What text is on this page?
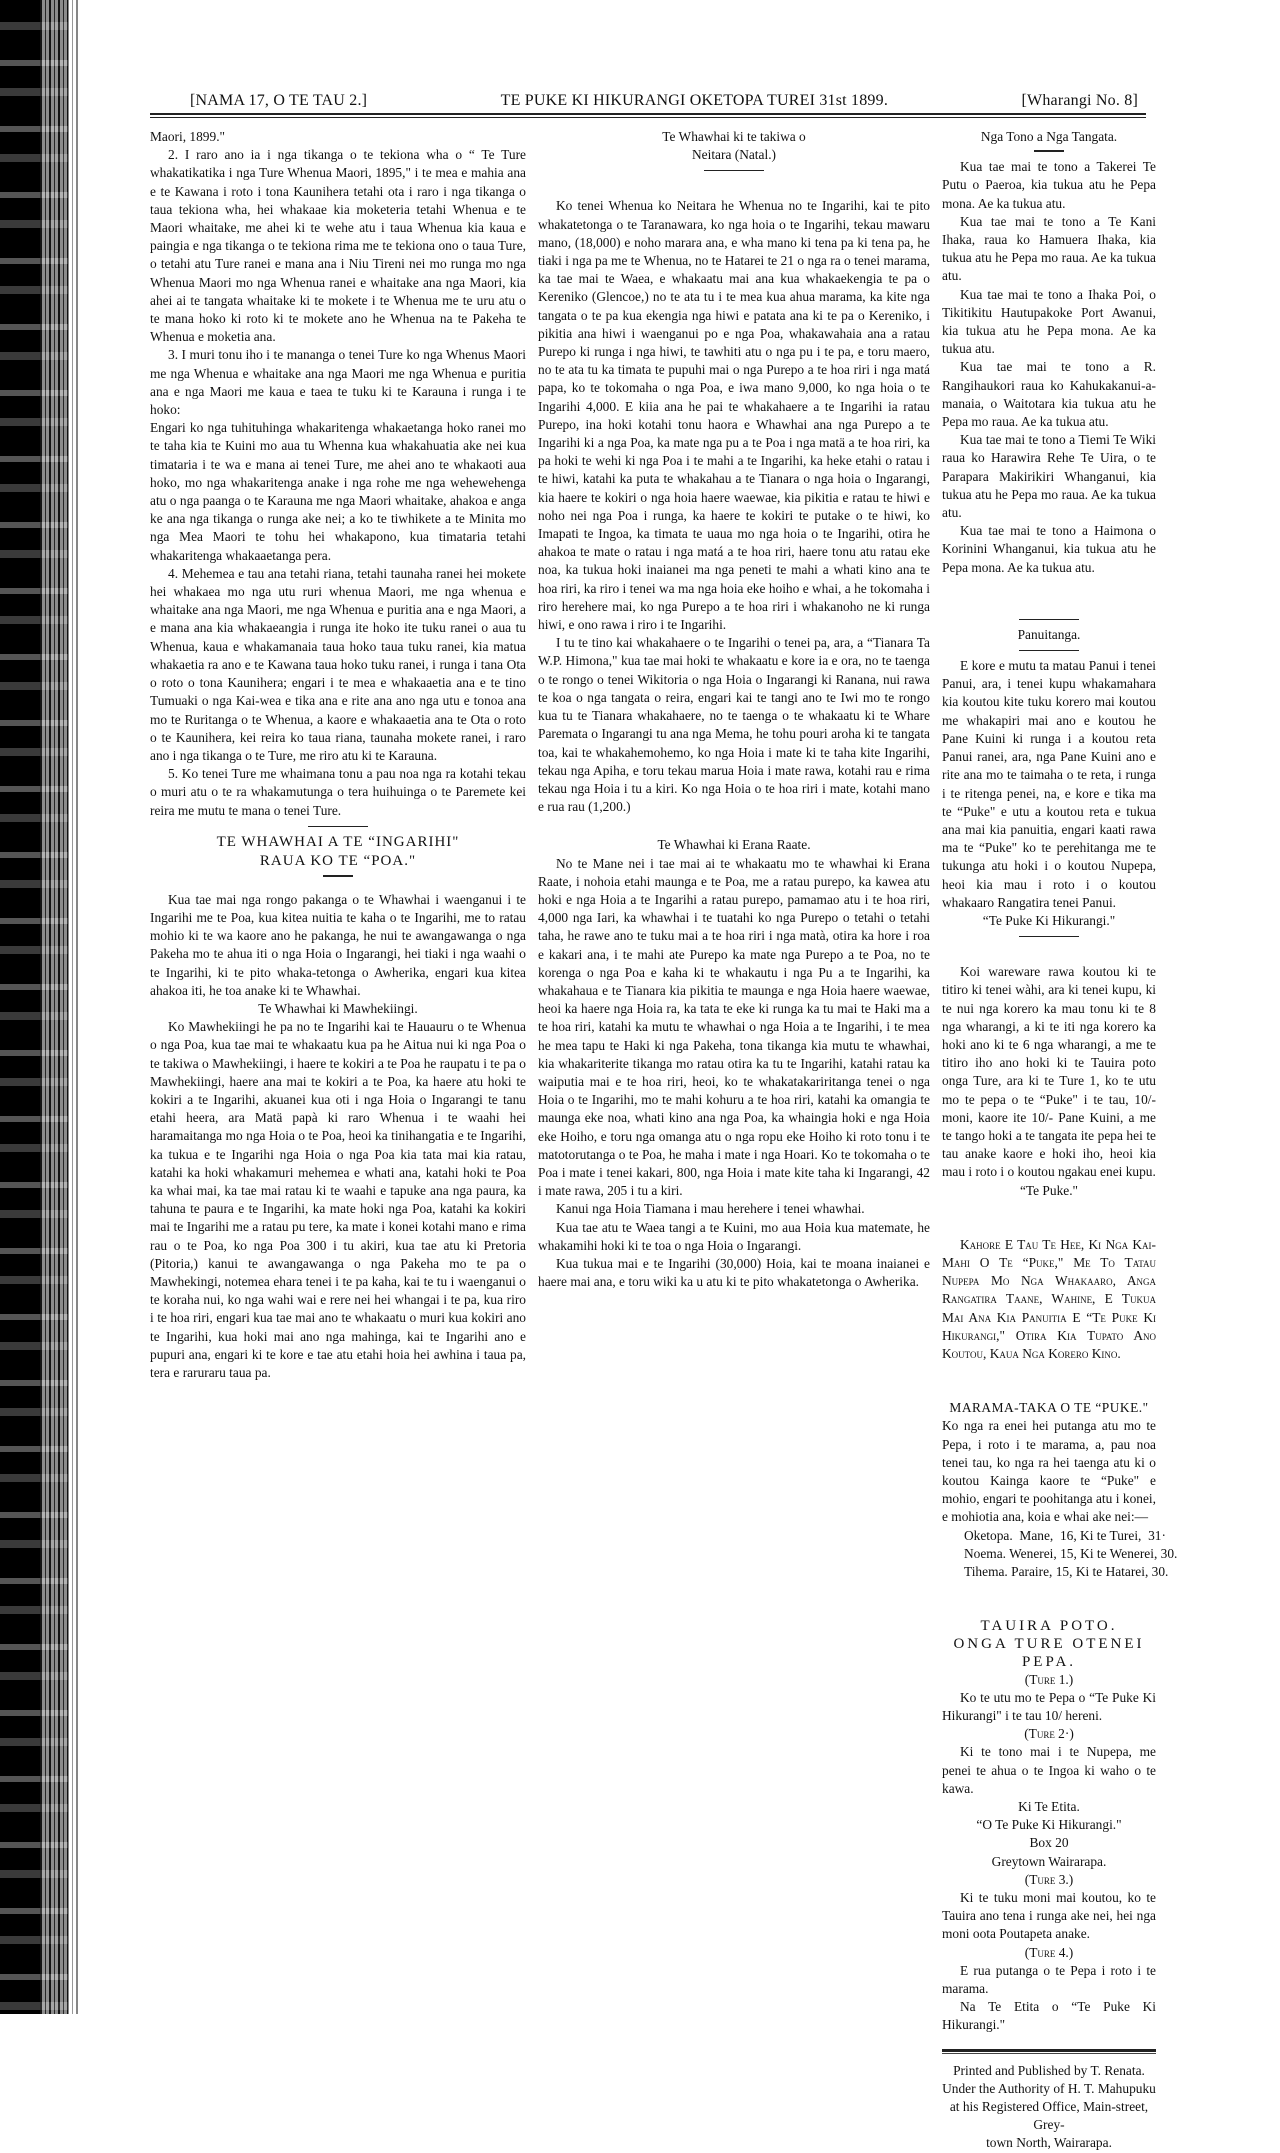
[NAMA 17, O TE TAU 2.]	TE PUKE KI HIKURANGI OKETOPA TUREI 31st 1899.	[Wharangi No. 8]

Maori, 1899."

2. I raro ano ia i nga tikanga o te tekiona wha o “ Te Ture whakatikatika i nga Ture Whenua Maori, 1895," i te mea e mahia ana e te Kawana i roto i tona Kaunihera tetahi ota i raro i nga tikanga o taua tekiona wha, hei whakaae kia moketeria tetahi Whenua e te Maori whaitake, me ahei ki te wehe atu i taua Whenua kia kaua e paingia e nga tikanga o te tekiona rima me te tekiona ono o taua Ture, o tetahi atu Ture ranei e mana ana i Niu Tireni nei mo runga mo nga Whenua Maori mo nga Whenua ranei e whaitake ana nga Maori, kia ahei ai te tangata whaitake ki te mokete i te Whenua me te uru atu o te mana hoko ki roto ki te mokete ano he Whenua na te Pakeha te Whenua e moketia ana.

3. I muri tonu iho i te mananga o tenei Ture ko nga Whenus Maori me nga Whenua e whaitake ana nga Maori me nga Whenua e puritia ana e nga Maori me kaua e taea te tuku ki te Karauna i runga i te hoko:

Engari ko nga tuhituhinga whakaritenga whakaetanga hoko ranei mo te taha kia te Kuini mo aua tu Whenna kua whakahuatia ake nei kua timataria i te wa e mana ai tenei Ture, me ahei ano te whakaoti aua hoko, mo nga whakaritenga anake i nga rohe me nga wehewehenga atu o nga paanga o te Karauna me nga Maori whaitake, ahakoa e anga ke ana nga tikanga o runga ake nei; a ko te tiwhikete a te Minita mo nga Mea Maori te tohu hei whakapono, kua timataria tetahi whakaritenga whakaaetanga pera.

4. Mehemea e tau ana tetahi riana, tetahi taunaha ranei hei mokete hei whakaea mo nga utu ruri whenua Maori, me nga whenua e whaitake ana nga Maori, me nga Whenua e puritia ana e nga Maori, a e mana ana kia whakaeangia i runga ite hoko ite tuku ranei o aua tu Whenua, kaua e whakamanaia taua hoko taua tuku ranei, kia matua whakaetia ra ano e te Kawana taua hoko tuku ranei, i runga i tana Ota o roto o tona Kaunihera; engari i te mea e whakaaetia ana e te tino Tumuaki o nga Kai-wea e tika ana e rite ana ano nga utu e tonoa ana mo te Ruritanga o te Whenua, a kaore e whakaaetia ana te Ota o roto o te Kaunihera, kei reira ko taua riana, taunaha mokete ranei, i raro ano i nga tikanga o te Ture, me riro atu ki te Karauna.

5. Ko tenei Ture me whaimana tonu a pau noa nga ra kotahi tekau o muri atu o te ra whakamutunga o tera huihuinga o te Paremete kei reira me mutu te mana o tenei Ture.

TE WHAWHAI A TE “INGARIHI"
RAUA KO TE “POA."

Kua tae mai nga rongo pakanga o te Whawhai i waenganui i te Ingarihi me te Poa, kua kitea nuitia te kaha o te Ingarihi, me to ratau mohio ki te wa kaore ano he pakanga, he nui te awangawanga o nga Pakeha mo te ahua iti o nga Hoia o Ingarangi, hei tiaki i nga waahi o te Ingarihi, ki te pito whaka-tetonga o Awherika, engari kua kitea ahakoa iti, he toa anake ki te Whawhai.

Te Whawhai ki Mawhekiingi.

Ko Mawhekiingi he pa no te Ingarihi kai te Hauauru o te Whenua o nga Poa, kua tae mai te whakaatu kua pa he Aitua nui ki nga Poa o te takiwa o Mawhekiingi, i haere te kokiri a te Poa he raupatu i te pa o Mawhekiingi, haere ana mai te kokiri a te Poa, ka haere atu hoki te kokiri a te Ingarihi, akuanei kua oti i nga Hoia o Ingarangi te tanu etahi heera, ara Matä papà ki raro Whenua i te waahi hei haramaitanga mo nga Hoia o te Poa, heoi ka tinihangatia e te Ingarihi, ka tukua e te Ingarihi nga Hoia o nga Poa kia tata mai kia ratau, katahi ka hoki whakamuri mehemea e whati ana, katahi hoki te Poa ka whai mai, ka tae mai ratau ki te waahi e tapuke ana nga paura, ka tahuna te paura e te Ingarihi, ka mate hoki nga Poa, katahi ka kokiri mai te Ingarihi me a ratau pu tere, ka mate i konei kotahi mano e rima rau o te Poa, ko nga Poa 300 i tu akiri, kua tae atu ki Pretoria (Pitoria,) kanui te awangawanga o nga Pakeha mo te pa o Mawhekingi, notemea ehara tenei i te pa kaha, kai te tu i waenganui o te koraha nui, ko nga wahi wai e rere nei hei whangai i te pa, kua riro i te hoa riri, engari kua tae mai ano te whakaatu o muri kua kokiri ano te Ingarihi, kua hoki mai ano nga mahinga, kai te Ingarihi ano e pupuri ana, engari ki te kore e tae atu etahi hoia hei awhina i taua pa, tera e raruraru taua pa.

Te Whawhai ki te takiwa o

Neitara (Natal.)

Ko tenei Whenua ko Neitara he Whenua no te Ingarihi, kai te pito whakatetonga o te Taranawara, ko nga hoia o te Ingarihi, tekau mawaru mano, (18,000) e noho marara ana, e wha mano ki tena pa ki tena pa, he tiaki i nga pa me te Whenua, no te Hatarei te 21 o nga ra o tenei marama, ka tae mai te Waea, e whakaatu mai ana kua whakaekengia te pa o Kereniko (Glencoe,) no te ata tu i te mea kua ahua marama, ka kite nga tangata o te pa kua ekengia nga hiwi e patata ana ki te pa o Kereniko, i pikitia ana hiwi i waenganui po e nga Poa, whakawahaia ana a ratau Purepo ki runga i nga hiwi, te tawhiti atu o nga pu i te pa, e toru maero, no te ata tu ka timata te pupuhi mai o nga Purepo a te hoa riri i nga matá papa, ko te tokomaha o nga Poa, e iwa mano 9,000, ko nga hoia o te Ingarihi 4,000. E kiia ana he pai te whakahaere a te Ingarihi ia ratau Purepo, ina hoki kotahi tonu haora e Whawhai ana nga Purepo a te Ingarihi ki a nga Poa, ka mate nga pu a te Poa i nga matä a te hoa riri, ka pa hoki te wehi ki nga Poa i te mahi a te Ingarihi, ka heke etahi o ratau i te hiwi, katahi ka puta te whakahau a te Tianara o nga hoia o Ingarangi, kia haere te kokiri o nga hoia haere waewae, kia pikitia e ratau te hiwi e noho nei nga Poa i runga, ka haere te kokiri te putake o te hiwi, ko Imapati te Ingoa, ka timata te uaua mo nga hoia o te Ingarihi, otira he ahakoa te mate o ratau i nga matá a te hoa riri, haere tonu atu ratau eke noa, ka tukua hoki inaianei ma nga peneti te mahi a whati kino ana te hoa riri, ka riro i tenei wa ma nga hoia eke hoiho e whai, a he tokomaha i riro herehere mai, ko nga Purepo a te hoa riri i whakanoho ne ki runga hiwi, e ono rawa i riro i te Ingarihi.

I tu te tino kai whakahaere o te Ingarihi o tenei pa, ara, a “Tianara Ta W.P. Himona," kua tae mai hoki te whakaatu e kore ia e ora, no te taenga o te rongo o tenei Wikitoria o nga Hoia o Ingarangi ki Ranana, nui rawa te koa o nga tangata o reira, engari kai te tangi ano te Iwi mo te rongo kua tu te Tianara whakahaere, no te taenga o te whakaatu ki te Whare Paremata o Ingarangi tu ana nga Mema, he tohu pouri aroha ki te tangata toa, kai te whakahemohemo, ko nga Hoia i mate ki te taha kite Ingarihi, tekau nga Apiha, e toru tekau marua Hoia i mate rawa, kotahi rau e rima tekau nga Hoia i tu a kiri. Ko nga Hoia o te hoa riri i mate, kotahi mano e rua rau (1,200.)

Te Whawhai ki Erana Raate.

No te Mane nei i tae mai ai te whakaatu mo te whawhai ki Erana Raate, i nohoia etahi maunga e te Poa, me a ratau purepo, ka kawea atu hoki e nga Hoia a te Ingarihi a ratau purepo, pamamao atu i te hoa riri, 4,000 nga Iari, ka whawhai i te tuatahi ko nga Purepo o tetahi o tetahi taha, he rawe ano te tuku mai a te hoa riri i nga matà, otira ka hore i roa e kakari ana, i te mahi ate Purepo ka mate nga Purepo a te Poa, no te korenga o nga Poa e kaha ki te whakautu i nga Pu a te Ingarihi, ka whakahaua e te Tianara kia pikitia te maunga e nga Hoia haere waewae, heoi ka haere nga Hoia ra, ka tata te eke ki runga ka tu mai te Haki ma a te hoa riri, katahi ka mutu te whawhai o nga Hoia a te Ingarihi, i te mea he mea tapu te Haki ki nga Pakeha, tona tikanga kia mutu te whawhai, kia whakariterite tikanga mo ratau otira ka tu te Ingarihi, katahi ratau ka waiputia mai e te hoa riri, heoi, ko te whakatakariritanga tenei o nga Hoia o te Ingarihi, mo te mahi kohuru a te hoa riri, katahi ka omangia te maunga eke noa, whati kino ana nga Poa, ka whaingia hoki e nga Hoia eke Hoiho, e toru nga omanga atu o nga ropu eke Hoiho ki roto tonu i te matotorutanga o te Poa, he maha i mate i nga Hoari. Ko te tokomaha o te Poa i mate i tenei kakari, 800, nga Hoia i mate kite taha ki Ingarangi, 42 i mate rawa, 205 i tu a kiri.

Kanui nga Hoia Tiamana i mau herehere i tenei whawhai.

Kua tae atu te Waea tangi a te Kuini, mo aua Hoia kua matemate, he whakamihi hoki ki te toa o nga Hoia o Ingarangi.

Kua tukua mai e te Ingarihi (30,000) Hoia, kai te moana inaianei e haere mai ana, e toru wiki ka u atu ki te pito whakatetonga o Awherika.

Nga Tono a Nga Tangata.

Kua tae mai te tono a Takerei Te Putu o Paeroa, kia tukua atu he Pepa mona. Ae ka tukua atu.

Kua tae mai te tono a Te Kani Ihaka, raua ko Hamuera Ihaka, kia tukua atu he Pepa mo raua. Ae ka tukua atu.

Kua tae mai te tono a Ihaka Poi, o Tikitikitu Hautupakoke Port Awanui, kia tukua atu he Pepa mona. Ae ka tukua atu.

Kua tae mai te tono a R. Rangihaukori raua ko Kahukakanui-a-manaia, o Waitotara kia tukua atu he Pepa mo raua. Ae ka tukua atu.

Kua tae mai te tono a Tiemi Te Wiki raua ko Harawira Rehe Te Uira, o te Parapara Makirikiri Whanganui, kia tukua atu he Pepa mo raua. Ae ka tukua atu.

Kua tae mai te tono a Haimona o Korinini Whanganui, kia tukua atu he Pepa mona. Ae ka tukua atu.

Panuitanga.

E kore e mutu ta matau Panui i tenei Panui, ara, i tenei kupu whakamahara kia koutou kite tuku korero mai koutou me whakapiri mai ano e koutou he Pane Kuini ki runga i a koutou reta Panui ranei, ara, nga Pane Kuini ano e rite ana mo te taimaha o te reta, i runga i te ritenga penei, na, e kore e tika ma te “Puke" e utu a koutou reta e tukua ana mai kia panuitia, engari kaati rawa ma te “Puke" ko te perehitanga me te tukunga atu hoki i o koutou Nupepa, heoi kia mau i roto i o koutou whakaaro Rangatira tenei Panui.

“Te Puke Ki Hikurangi."

Koi wareware rawa koutou ki te titiro ki tenei wàhi, ara ki tenei kupu, ki te nui nga korero ka mau tonu ki te 8 nga wharangi, a ki te iti nga korero ka hoki ano ki te 6 nga wharangi, a me te titiro iho ano hoki ki te Tauira poto onga Ture, ara ki te Ture 1, ko te utu mo te pepa o te “Puke" i te tau, 10/- moni, kaore ite 10/- Pane Kuini, a me te tango hoki a te tangata ite pepa hei te tau anake kaore e hoki iho, heoi kia mau i roto i o koutou ngakau enei kupu.

“Te Puke."

Kahore E Tau Te Hee, Ki Nga Kai-Mahi O Te “Puke," Me To Tatau Nupepa Mo Nga Whakaaro, Anga Rangatira Taane, Wahine, E Tukua Mai Ana Kia Panuitia E “Te Puke Ki Hikurangi," Otira Kia Tupato Ano Koutou, Kaua Nga Korero Kino.

MARAMA-TAKA O TE “PUKE."

Ko nga ra enei hei putanga atu mo te Pepa, i roto i te marama, a, pau noa tenei tau, ko nga ra hei taenga atu ki o koutou Kainga kaore te “Puke" e mohio, engari te poohitanga atu i konei, e mohiotia ana, koia e whai ake nei:—

Oketopa.  Mane,  16, Ki te Turei,  31·
Noema. Wenerei, 15, Ki te Wenerei, 30.
Tihema. Paraire, 15, Ki te Hatarei, 30.
TAUIRA POTO.
ONGA TURE OTENEI PEPA.

(Ture 1.)

Ko te utu mo te Pepa o “Te Puke Ki Hikurangi" i te tau 10/ hereni.

(Ture 2·)

Ki te tono mai i te Nupepa, me penei te ahua o te Ingoa ki waho o te kawa.

Ki Te Etita.

“O Te Puke Ki Hikurangi."

Box 20

Greytown Wairarapa.

(Ture 3.)

Ki te tuku moni mai koutou, ko te Tauira ano tena i runga ake nei, hei nga moni oota Poutapeta anake.

(Ture 4.)

E rua putanga o te Pepa i roto i te marama.

Na Te Etita o “Te Puke Ki Hikurangi."

Printed and Published by T. Renata.

Under the Authority of H. T. Mahupuku

at his Registered Office, Main-street, Grey-

town North, Wairarapa.
